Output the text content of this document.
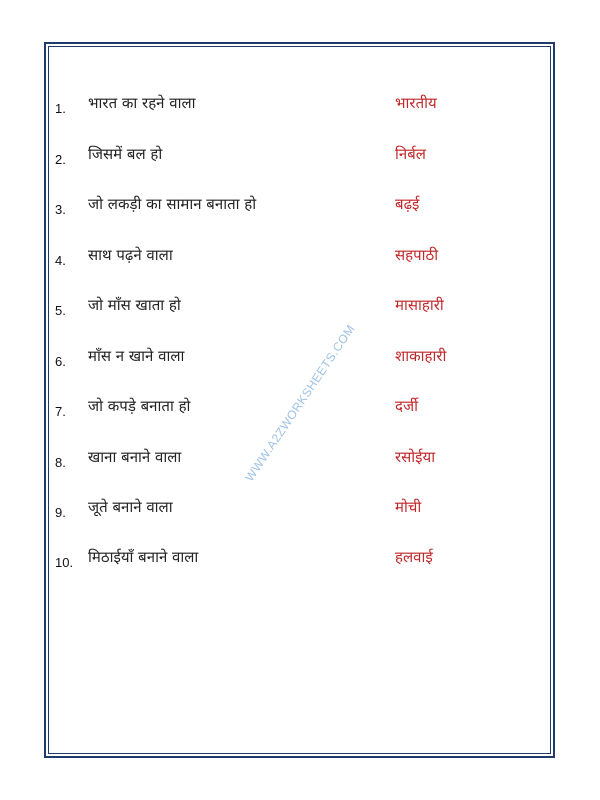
1. भारत का रहने वाला	भारतीय
2. जिसमें बल हो	निर्बल
3. जो लकड़ी का सामान बनाता हो	बढ़ई
4. साथ पढ़ने वाला	सहपाठी
5. जो माँस खाता हो	मासाहारी
6. माँस न खाने वाला	शाकाहारी
7. जो कपड़े बनाता हो	दर्जी
8. खाना बनाने वाला	रसोईया
9. जूते बनाने वाला	मोची
10. मिठाईयाँ बनाने वाला	हलवाई
WWW.A2ZWORKSHEETS.COM
